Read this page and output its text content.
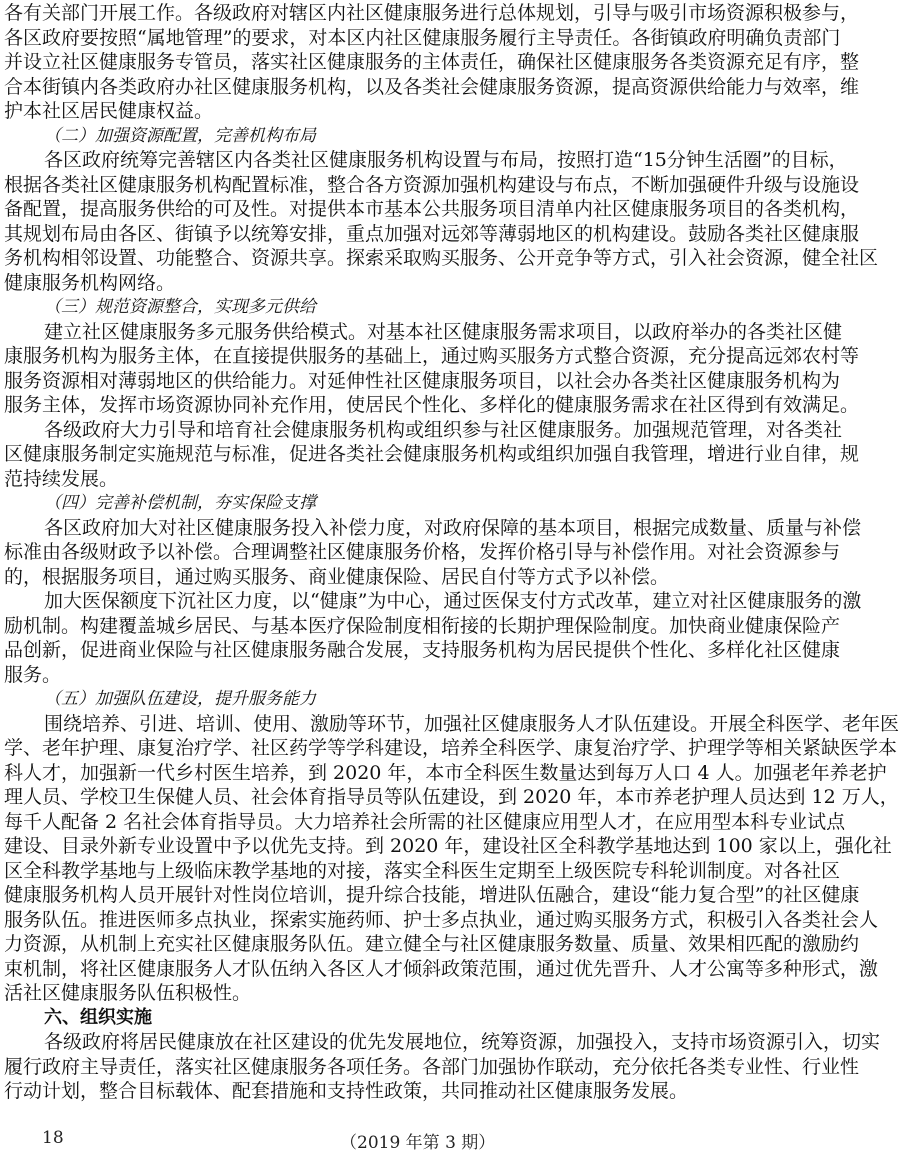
各有关部门开展工作。各级政府对辖区内社区健康服务进行总体规划，引导与吸引市场资源积极参与，
各区政府要按照“属地管理”的要求，对本区内社区健康服务履行主导责任。各街镇政府明确负责部门
并设立社区健康服务专管员，落实社区健康服务的主体责任，确保社区健康服务各类资源充足有序，整
合本街镇内各类政府办社区健康服务机构，以及各类社会健康服务资源，提高资源供给能力与效率，维
护本社区居民健康权益。
（二）加强资源配置，完善机构布局
各区政府统筹完善辖区内各类社区健康服务机构设置与布局，按照打造“15分钟生活圈”的目标，
根据各类社区健康服务机构配置标准，整合各方资源加强机构建设与布点，不断加强硬件升级与设施设
备配置，提高服务供给的可及性。对提供本市基本公共服务项目清单内社区健康服务项目的各类机构，
其规划布局由各区、街镇予以统筹安排，重点加强对远郊等薄弱地区的机构建设。鼓励各类社区健康服
务机构相邻设置、功能整合、资源共享。探索采取购买服务、公开竞争等方式，引入社会资源，健全社区
健康服务机构网络。
（三）规范资源整合，实现多元供给
建立社区健康服务多元服务供给模式。对基本社区健康服务需求项目，以政府举办的各类社区健
康服务机构为服务主体，在直接提供服务的基础上，通过购买服务方式整合资源，充分提高远郊农村等
服务资源相对薄弱地区的供给能力。对延伸性社区健康服务项目，以社会办各类社区健康服务机构为
服务主体，发挥市场资源协同补充作用，使居民个性化、多样化的健康服务需求在社区得到有效满足。
各级政府大力引导和培育社会健康服务机构或组织参与社区健康服务。加强规范管理，对各类社
区健康服务制定实施规范与标准，促进各类社会健康服务机构或组织加强自我管理，增进行业自律，规
范持续发展。
（四）完善补偿机制，夯实保险支撑
各区政府加大对社区健康服务投入补偿力度，对政府保障的基本项目，根据完成数量、质量与补偿
标准由各级财政予以补偿。合理调整社区健康服务价格，发挥价格引导与补偿作用。对社会资源参与
的，根据服务项目，通过购买服务、商业健康保险、居民自付等方式予以补偿。
加大医保额度下沉社区力度，以“健康”为中心，通过医保支付方式改革，建立对社区健康服务的激
励机制。构建覆盖城乡居民、与基本医疗保险制度相衔接的长期护理保险制度。加快商业健康保险产
品创新，促进商业保险与社区健康服务融合发展，支持服务机构为居民提供个性化、多样化社区健康
服务。
（五）加强队伍建设，提升服务能力
围绕培养、引进、培训、使用、激励等环节，加强社区健康服务人才队伍建设。开展全科医学、老年医
学、老年护理、康复治疗学、社区药学等学科建设，培养全科医学、康复治疗学、护理学等相关紧缺医学本
科人才，加强新一代乡村医生培养，到 2020 年，本市全科医生数量达到每万人口 4 人。加强老年养老护
理人员、学校卫生保健人员、社会体育指导员等队伍建设，到 2020 年，本市养老护理人员达到 12 万人，
每千人配备 2 名社会体育指导员。大力培养社会所需的社区健康应用型人才，在应用型本科专业试点
建设、目录外新专业设置中予以优先支持。到 2020 年，建设社区全科教学基地达到 100 家以上，强化社
区全科教学基地与上级临床教学基地的对接，落实全科医生定期至上级医院专科轮训制度。对各社区
健康服务机构人员开展针对性岗位培训，提升综合技能，增进队伍融合，建设“能力复合型”的社区健康
服务队伍。推进医师多点执业，探索实施药师、护士多点执业，通过购买服务方式，积极引入各类社会人
力资源，从机制上充实社区健康服务队伍。建立健全与社区健康服务数量、质量、效果相匹配的激励约
束机制，将社区健康服务人才队伍纳入各区人才倾斜政策范围，通过优先晋升、人才公寓等多种形式，激
活社区健康服务队伍积极性。
六、组织实施
各级政府将居民健康放在社区建设的优先发展地位，统筹资源，加强投入，支持市场资源引入，切实
履行政府主导责任，落实社区健康服务各项任务。各部门加强协作联动，充分依托各类专业性、行业性
行动计划，整合目标载体、配套措施和支持性政策，共同推动社区健康服务发展。
18	（2019 年第 3 期）
